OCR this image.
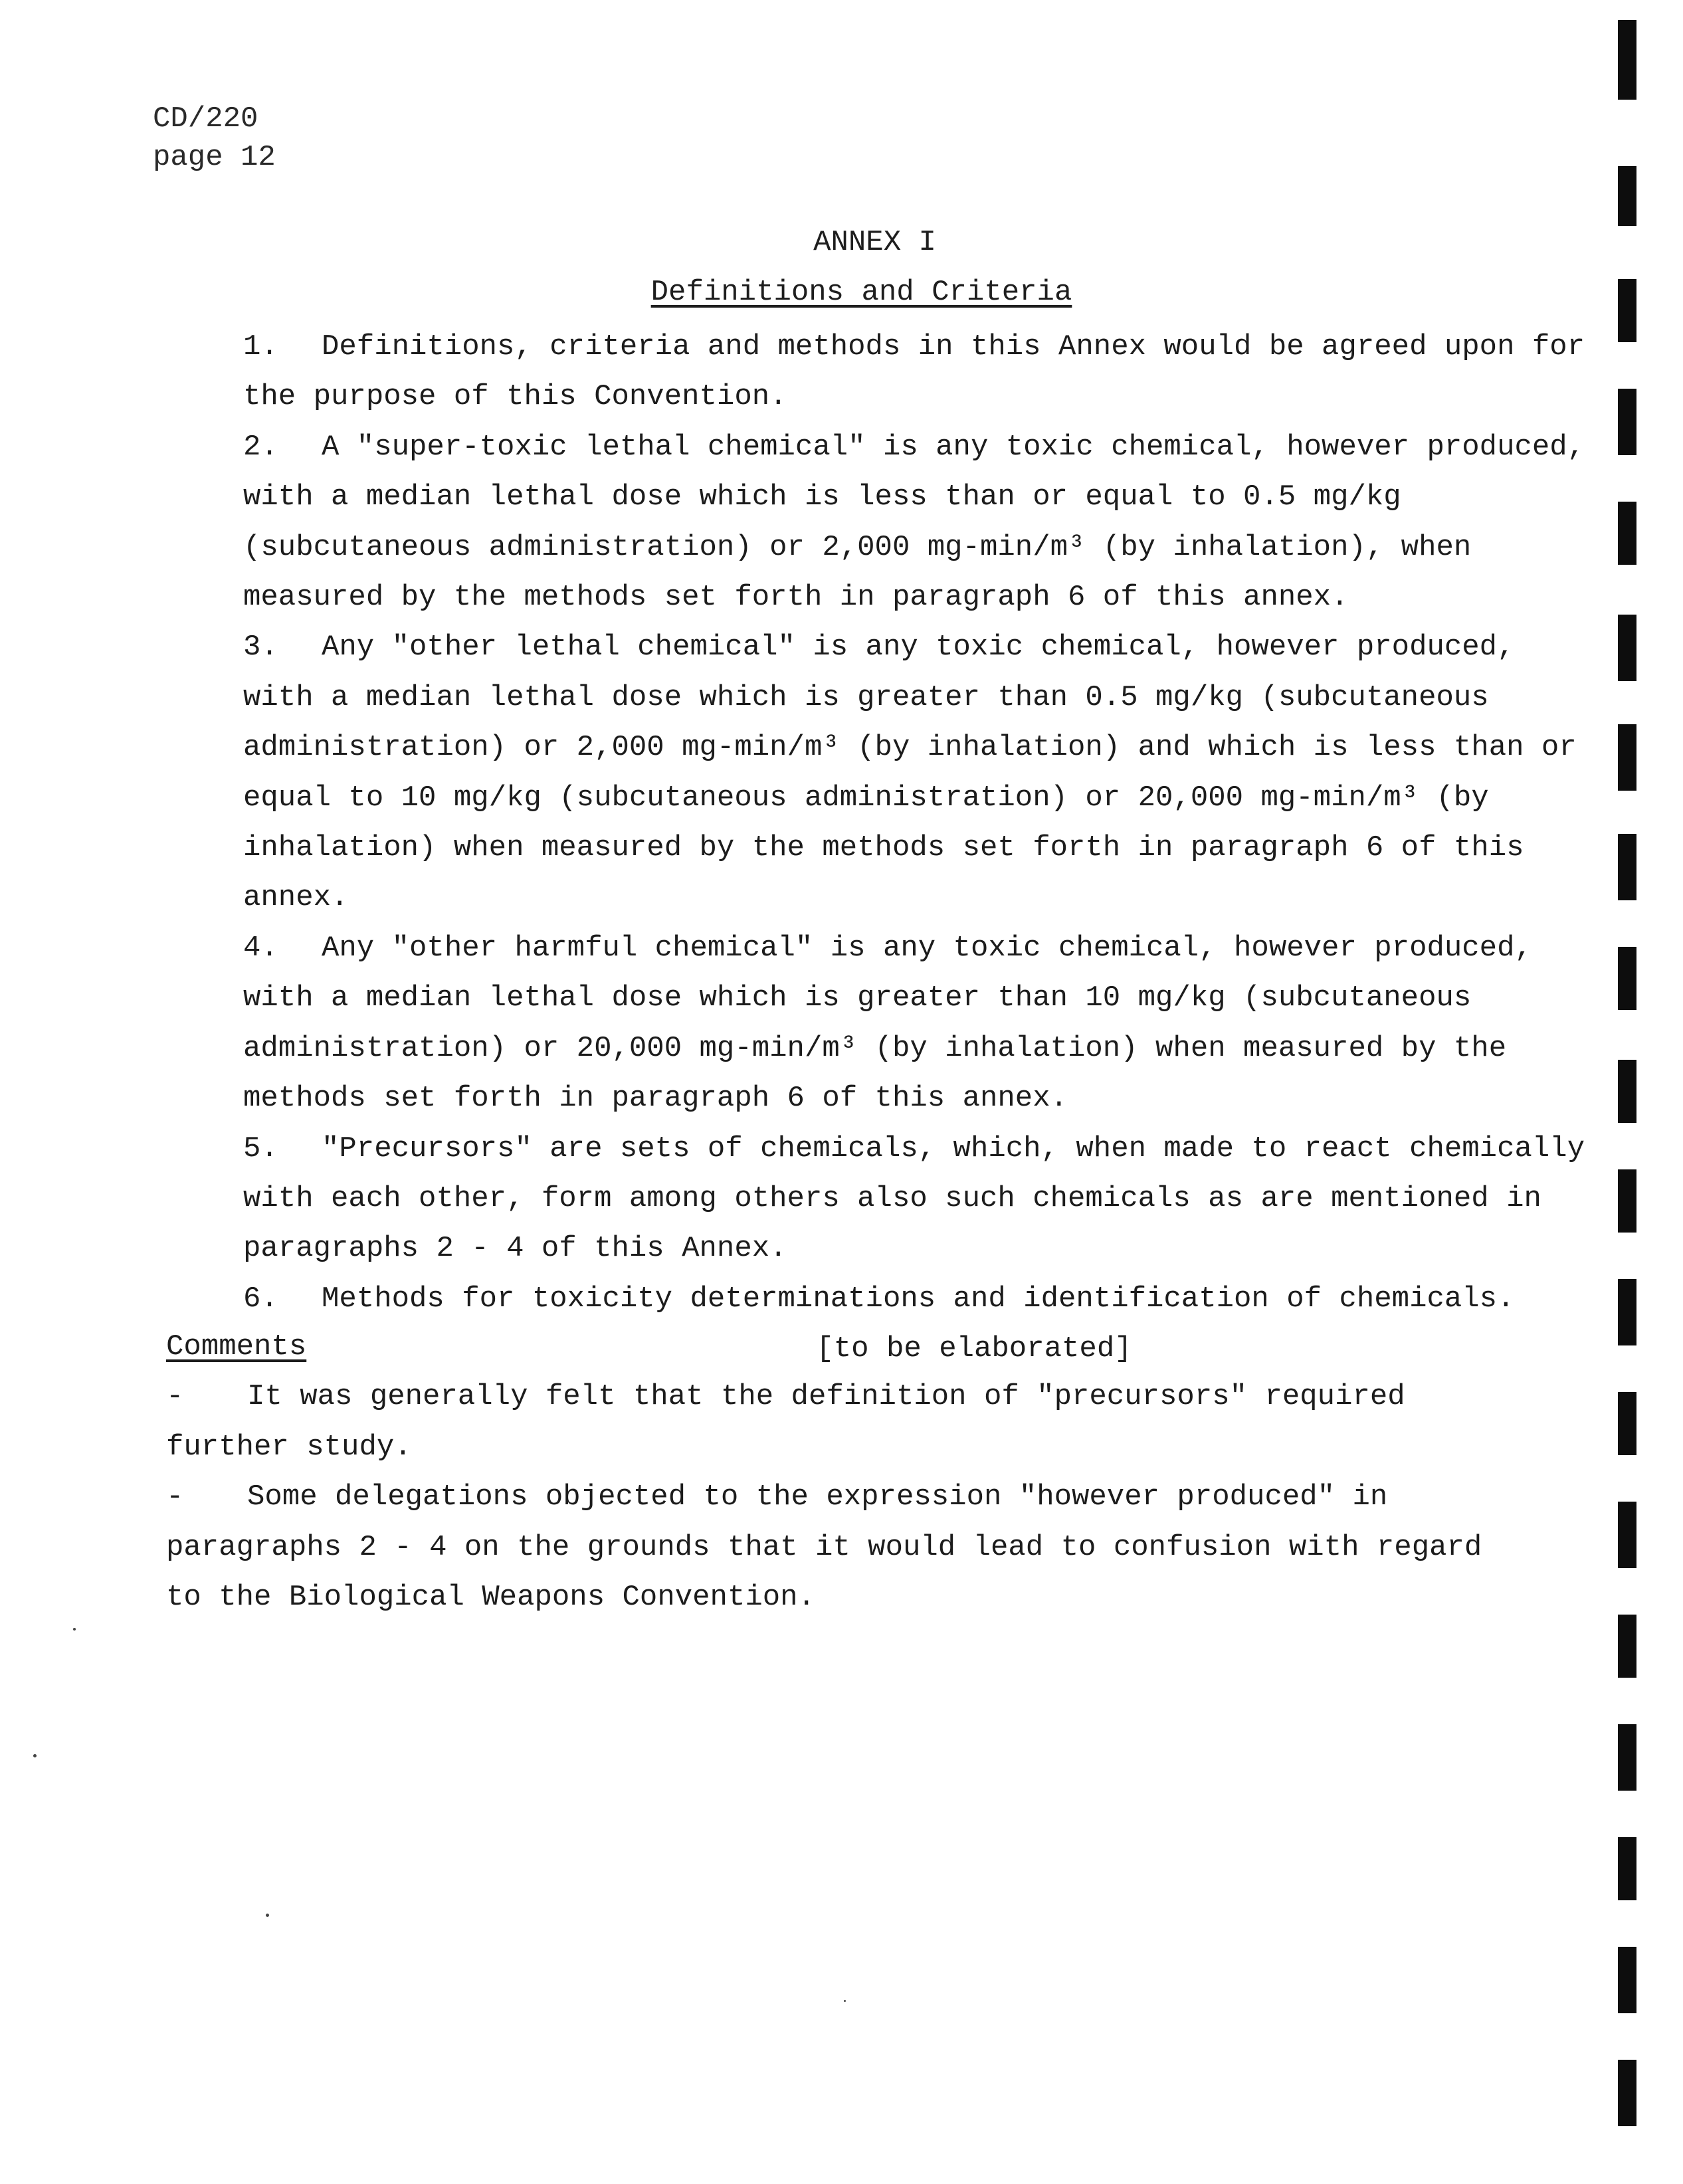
CD/220
page 12
ANNEX I
Definitions and Criteria

1. Definitions, criteria and methods in this Annex would be agreed upon for the purpose of this Convention.

2. A "super-toxic lethal chemical" is any toxic chemical, however produced, with a median lethal dose which is less than or equal to 0.5 mg/kg (subcutaneous administration) or 2,000 mg-min/m³ (by inhalation), when measured by the methods set forth in paragraph 6 of this annex.

3. Any "other lethal chemical" is any toxic chemical, however produced, with a median lethal dose which is greater than 0.5 mg/kg (subcutaneous administration) or 2,000 mg-min/m³ (by inhalation) and which is less than or equal to 10 mg/kg (subcutaneous administration) or 20,000 mg-min/m³ (by inhalation) when measured by the methods set forth in paragraph 6 of this annex.

4. Any "other harmful chemical" is any toxic chemical, however produced, with a median lethal dose which is greater than 10 mg/kg (subcutaneous administration) or 20,000 mg-min/m³ (by inhalation) when measured by the methods set forth in paragraph 6 of this annex.

5. "Precursors" are sets of chemicals, which, when made to react chemically with each other, form among others also such chemicals as are mentioned in paragraphs 2 - 4 of this Annex.

6. Methods for toxicity determinations and identification of chemicals.

[to be elaborated]

Comments

- It was generally felt that the definition of "precursors" required further study.

- Some delegations objected to the expression "however produced" in paragraphs 2 - 4 on the grounds that it would lead to confusion with regard to the Biological Weapons Convention.
